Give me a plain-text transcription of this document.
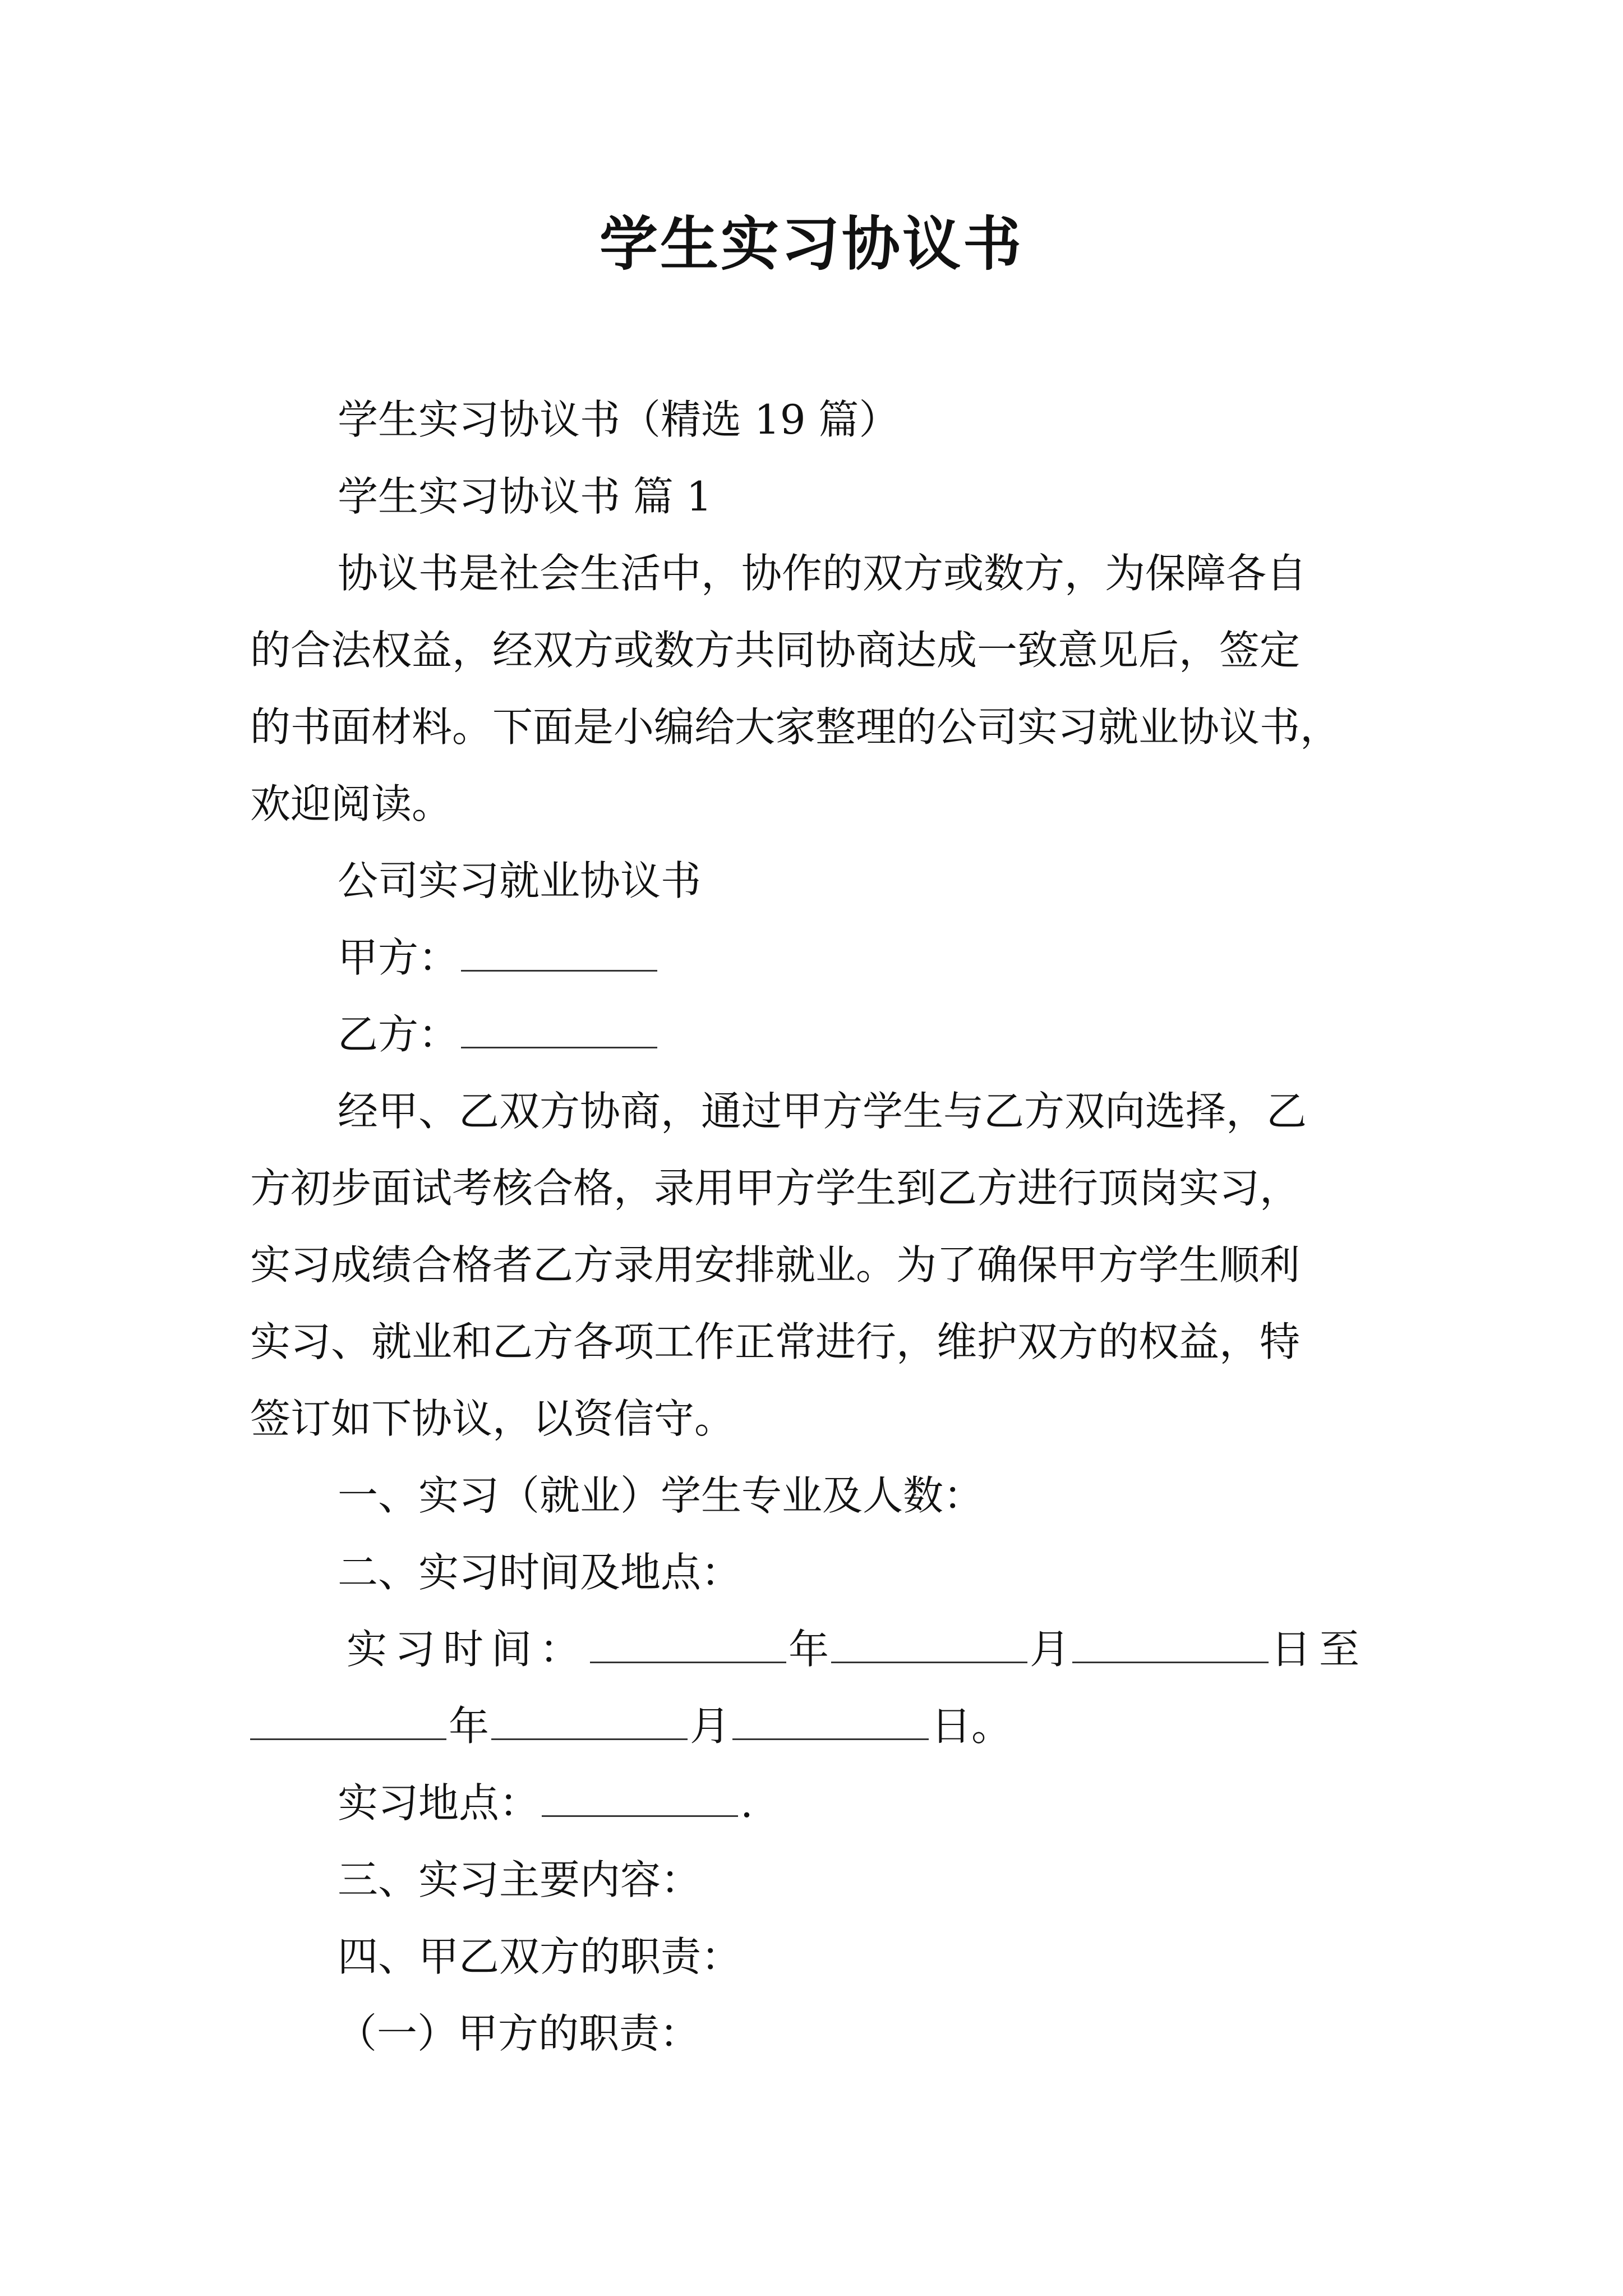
学生实习协议书
学生实习协议书（精选 19 篇）
学生实习协议书 篇 1
协议书是社会生活中，协作的双方或数方，为保障各自
的合法权益，经双方或数方共同协商达成一致意见后，签定
的书面材料。下面是小编给大家整理的公司实习就业协议书，
欢迎阅读。
公司实习就业协议书
甲方：
乙方：
经甲、乙双方协商，通过甲方学生与乙方双向选择，乙
方初步面试考核合格，录用甲方学生到乙方进行顶岗实习，
实习成绩合格者乙方录用安排就业。为了确保甲方学生顺利
实习、就业和乙方各项工作正常进行，维护双方的权益，特
签订如下协议，以资信守。
一、实习（就业）学生专业及人数：
二、实习时间及地点：
实习时间：	年	月	日至
年	月	日。
实习地点：	.
三、实习主要内容：
四、甲乙双方的职责：
（一）甲方的职责：
